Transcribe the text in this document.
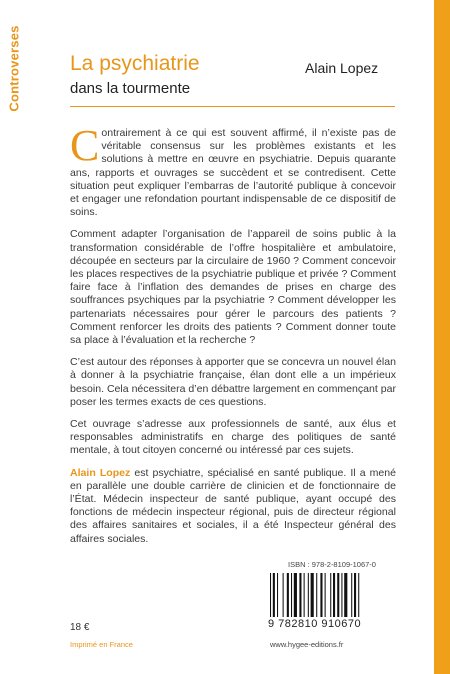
Controverses La psychiatrie
dans la tourmente
Alain Lopez

Contrairement à ce qui est souvent affirmé, il n’existe pas de véritable consensus sur les problèmes existants et les solutions à mettre en œuvre en psychiatrie. Depuis quarante ans, rapports et ouvrages se succèdent et se contredisent. Cette situation peut expliquer l’embarras de l’autorité publique à concevoir et engager une refondation pourtant indispensable de ce dispositif de soins.

Comment adapter l’organisation de l’appareil de soins public à la transformation considérable de l’offre hospitalière et ambulatoire, découpée en secteurs par la circulaire de 1960 ? Comment concevoir les places respectives de la psychiatrie publique et privée ? Comment faire face à l’inflation des demandes de prises en charge des souffrances psychiques par la psychiatrie ? Comment développer les partenariats nécessaires pour gérer le parcours des patients ? Comment renforcer les droits des patients ? Comment donner toute sa place à l’évaluation et la recherche ?

C’est autour des réponses à apporter que se concevra un nouvel élan à donner à la psychiatrie française, élan dont elle a un impérieux besoin. Cela nécessitera d’en débattre largement en commençant par poser les termes exacts de ces questions.

Cet ouvrage s’adresse aux professionnels de santé, aux élus et responsables administratifs en charge des politiques de santé mentale, à tout citoyen concerné ou intéressé par ces sujets.

Alain Lopez est psychiatre, spécialisé en santé publique. Il a mené en parallèle une double carrière de clinicien et de fonctionnaire de l’État. Médecin inspecteur de santé publique, ayant occupé des fonctions de médecin inspecteur régional, puis de directeur régional des affaires sanitaires et sociales, il a été Inspecteur général des affaires sociales.

ISBN : 978-2-8109-1067-0
9 782810 910670
18 €
Imprimé en France	www.hygee-editions.fr
